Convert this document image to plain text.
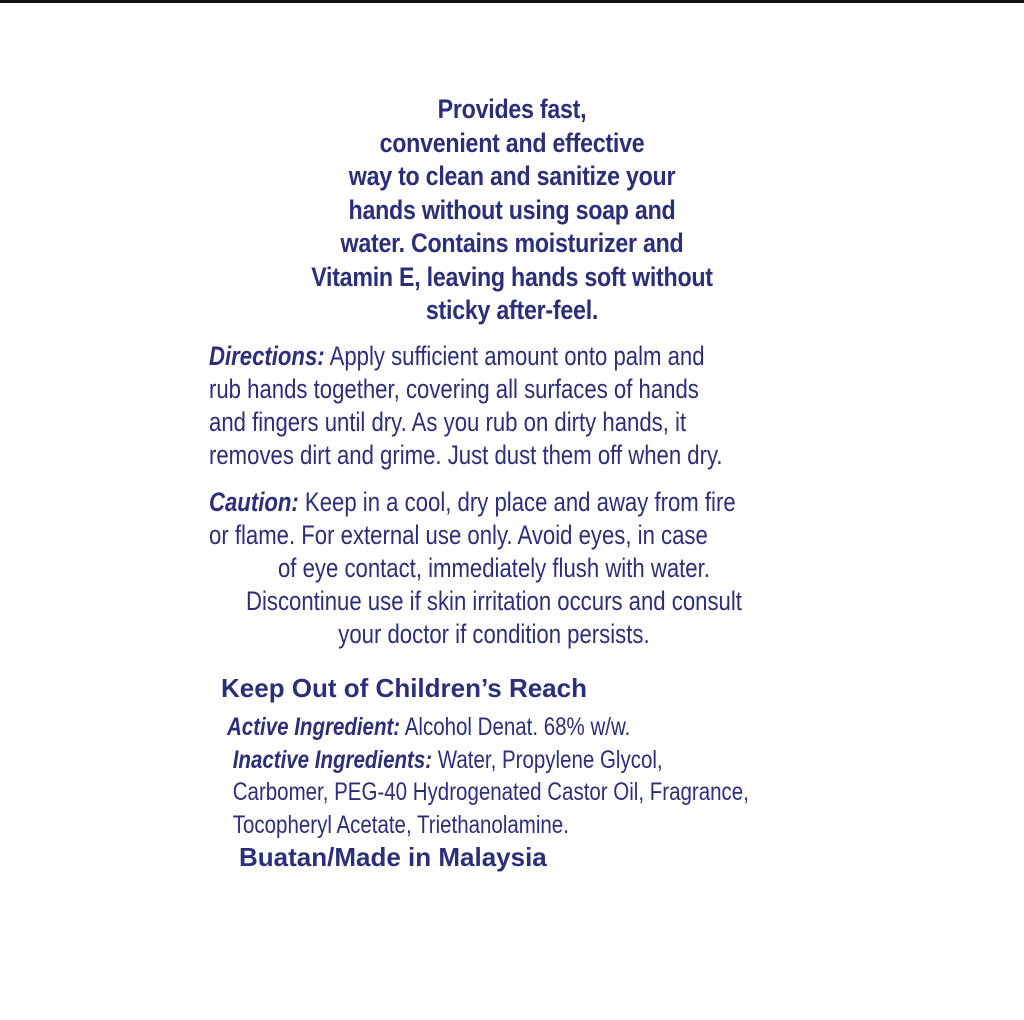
Provides fast,
convenient and effective
way to clean and sanitize your
hands without using soap and
water. Contains moisturizer and
Vitamin E, leaving hands soft without
sticky after-feel.
Directions: Apply sufficient amount onto palm and
rub hands together, covering all surfaces of hands
and fingers until dry. As you rub on dirty hands, it
removes dirt and grime. Just dust them off when dry.
Caution: Keep in a cool, dry place and away from fire
or flame. For external use only. Avoid eyes, in case
of eye contact, immediately flush with water.
Discontinue use if skin irritation occurs and consult
your doctor if condition persists.
Keep Out of Children’s Reach
Active Ingredient: Alcohol Denat. 68% w/w.
Inactive Ingredients: Water, Propylene Glycol,
Carbomer, PEG-40 Hydrogenated Castor Oil, Fragrance,
Tocopheryl Acetate, Triethanolamine.
Buatan/Made in Malaysia
